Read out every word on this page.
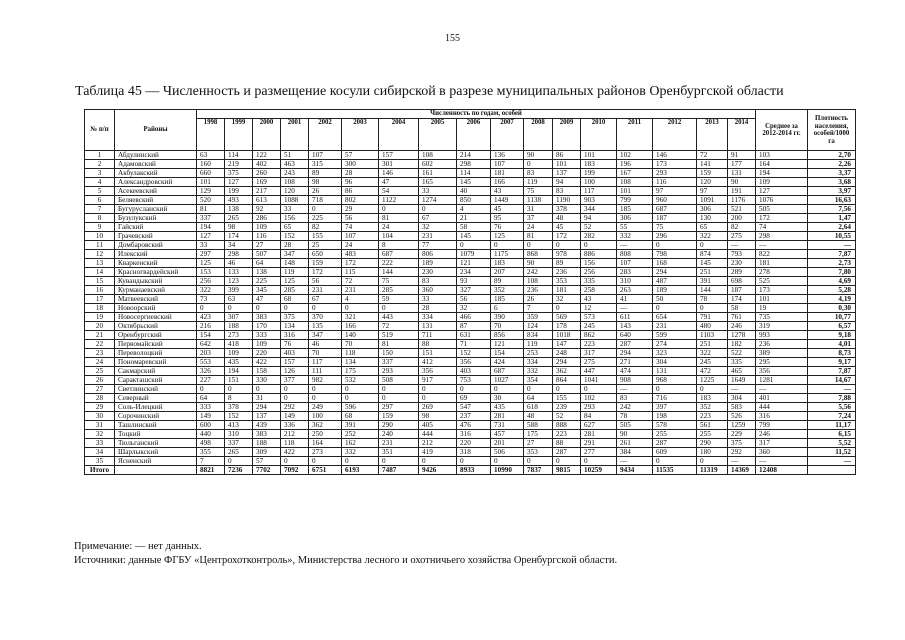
155
Таблица 45 — Численность и размещение косули сибирской в разрезе муниципальных районов Оренбургской области
№ п/п	Районы	Численность по годам, особей																	Среднее за 2012-2014 гг.	Плотность населения, особей/1000 га
		1998	1999	2000	2001	2002	2003	2004	2005	2006	2007	2008	2009	2010	2011	2012	2013	2014		
1	Абдулинский	63	114	122	51	107	57	157	108	214	136	90	86	101	102	146	72	91	103	2,70
2	Адамовский	160	219	402	463	315	300	301	602	298	107	0	101	183	196	173	141	177	164	2,26
3	Акбулакский	660	375	260	243	89	28	146	161	114	181	83	137	199	167	293	159	131	194	3,37
4	Александровский	101	127	169	108	98	96	47	165	145	166	119	94	100	108	116	120	90	109	3,68
5	Асекеевский	129	199	217	120	26	86	54	33	40	43	75	83	117	101	97	97	191	127	3,97
6	Беляевский	520	493	613	1088	718	802	1122	1274	850	1449	1138	1190	903	799	960	1091	1176	1076	16,63
7	Бугурусланский	81	138	92	33	0	29	0	0	4	45	31	378	344	185	687	306	521	505	7,56
8	Бузулукский	337	265	286	156	225	56	81	67	21	95	37	48	94	306	187	130	200	172	1,47
9	Гайский	194	98	109	65	82	74	24	32	58	76	24	45	52	55	75	65	82	74	2,64
10	Грачевский	127	174	116	152	155	107	104	231	145	125	81	172	282	332	296	322	275	298	10,55
11	Домбаровский	33	34	27	28	25	24	8	77	0	0	0	0	0	—	0	0	—	—	—
12	Илекский	297	298	507	347	650	483	687	806	1079	1175	868	978	886	808	798	874	793	822	7,87
13	Кваркенский	125	46	64	148	159	172	222	189	121	183	90	89	156	107	168	145	230	181	2,73
14	Красногвардейский	153	133	138	119	172	115	144	230	234	207	242	236	256	283	294	251	289	278	7,80
15	Кувандыкский	256	123	225	125	56	72	75	83	93	89	108	353	335	310	487	391	698	525	4,69
16	Курманаевский	322	399	345	285	231	231	285	360	327	352	236	181	258	263	189	144	187	173	5,28
17	Матвеевский	73	63	47	68	67	4	59	33	56	185	26	32	43	41	50	78	174	101	4,19
18	Новоорский	0	0	0	0	0	0	0	28	32	6	7	0	12	—	0	0	58	19	0,30
19	Новосергиевский	423	307	383	375	370	321	443	334	466	390	359	569	573	611	654	791	761	735	10,77
20	Октябрьский	216	188	170	134	135	166	72	131	87	70	124	178	245	143	231	480	246	319	6,57
21	Оренбургский	154	273	333	316	347	140	519	711	631	856	834	1018	862	640	599	1103	1278	993	9,18
22	Первомайский	642	418	109	76	46	70	81	88	71	121	119	147	223	287	274	251	182	236	4,01
23	Переволоцкий	203	109	220	403	70	118	150	151	152	154	253	248	317	294	323	322	522	389	8,73
24	Пономаревский	553	435	422	157	117	134	337	412	356	424	334	294	275	271	304	245	335	295	9,17
25	Сакмарский	326	194	158	126	111	175	293	356	403	687	332	362	447	474	131	472	465	356	7,87
26	Саракташский	227	151	330	377	982	532	508	917	753	1027	354	864	1041	908	968	1225	1649	1281	14,67
27	Светлинский	0	0	0	0	0	0	0	0	0	0	0	0	0	—	0	0	—	—	—
28	Северный	64	8	31	0	0	0	0	0	69	30	64	155	102	83	716	183	304	401	7,88
29	Соль-Илецкий	333	378	294	292	249	596	297	269	547	435	618	239	293	242	397	352	583	444	5,56
30	Сорочинский	149	152	137	149	100	68	159	98	237	281	48	52	84	78	198	223	526	316	7,24
31	Ташлинский	600	413	439	336	362	391	290	405	476	731	588	888	627	505	578	561	1259	799	11,17
32	Тоцкий	440	310	383	212	250	252	240	444	316	457	175	223	281	90	255	255	229	246	6,15
33	Тюльганский	498	337	188	118	164	162	231	212	220	201	27	88	291	261	287	290	375	317	5,52
34	Шарлыкский	355	265	309	422	273	332	351	419	318	506	353	287	277	384	609	180	292	360	11,52
35	Ясненский	7	0	57	0	0	0	0	0	0	0	0	0	0	—	0	0	—	—	—
Итого		8821	7236	7702	7092	6751	6193	7487	9426	8933	10990	7837	9815	10259	9434	11535	11319	14369	12408	
Примечание: — нет данных.
Источники: данные ФГБУ «Центрохотконтроль», Министерства лесного и охотничьего хозяйства Оренбургской области.
